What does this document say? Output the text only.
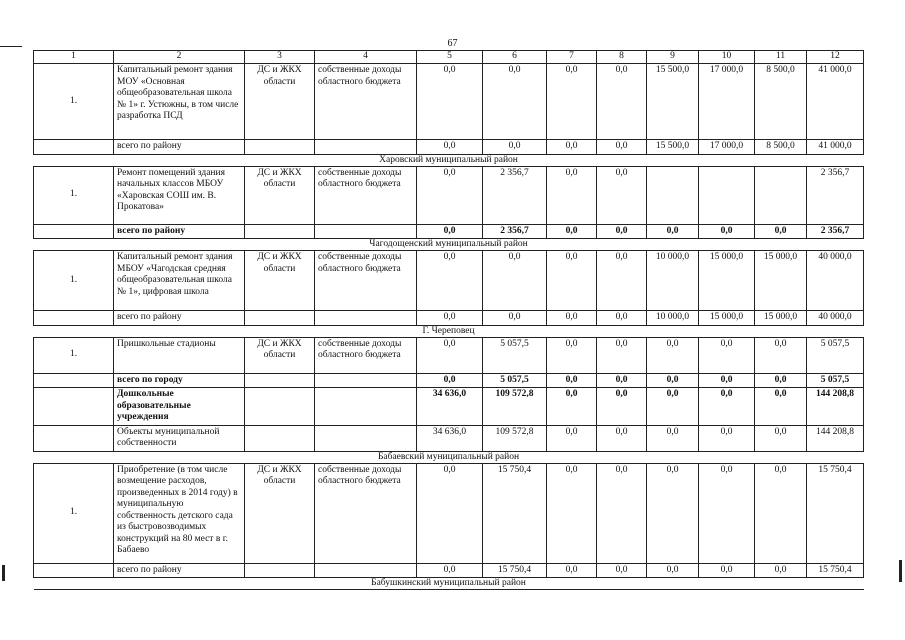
67
1	2	3	4	5	6	7	8	9	10	11	12
1.	Капитальный ремонт здания МОУ «Основная общеобразовательная школа № 1» г. Устюжны, в том числе разработка ПСД	ДС и ЖКХ области	собственные доходы областного бюджета	0,0	0,0	0,0	0,0	15 500,0	17 000,0	8 500,0	41 000,0
	всего по району			0,0	0,0	0,0	0,0	15 500,0	17 000,0	8 500,0	41 000,0
Харовский муниципальный район											
1.	Ремонт помещений здания начальных классов МБОУ «Харовская СОШ им. В. Прокатова»	ДС и ЖКХ области	собственные доходы областного бюджета	0,0	2 356,7	0,0	0,0				2 356,7
	всего по району			0,0	2 356,7	0,0	0,0	0,0	0,0	0,0	2 356,7
Чагодощенский муниципальный район											
1.	Капитальный ремонт здания МБОУ «Чагодская средняя общеобразовательная школа № 1», цифровая школа	ДС и ЖКХ области	собственные доходы областного бюджета	0,0	0,0	0,0	0,0	10 000,0	15 000,0	15 000,0	40 000,0
	всего по району			0,0	0,0	0,0	0,0	10 000,0	15 000,0	15 000,0	40 000,0
Г. Череповец											
1.	Пришкольные стадионы	ДС и ЖКХ области	собственные доходы областного бюджета	0,0	5 057,5	0,0	0,0	0,0	0,0	0,0	5 057,5
	всего по городу			0,0	5 057,5	0,0	0,0	0,0	0,0	0,0	5 057,5
	Дошкольные образовательные учреждения			34 636,0	109 572,8	0,0	0,0	0,0	0,0	0,0	144 208,8
	Объекты муниципальной собственности			34 636,0	109 572,8	0,0	0,0	0,0	0,0	0,0	144 208,8
Бабаевский муниципальный район											
1.	Приобретение (в том числе возмещение расходов, произведенных в 2014 году) в муниципальную собственность детского сада из быстровозводимых конструкций на 80 мест в г. Бабаево	ДС и ЖКХ области	собственные доходы областного бюджета	0,0	15 750,4	0,0	0,0	0,0	0,0	0,0	15 750,4
	всего по району			0,0	15 750,4	0,0	0,0	0,0	0,0	0,0	15 750,4
Бабушкинский муниципальный район											
